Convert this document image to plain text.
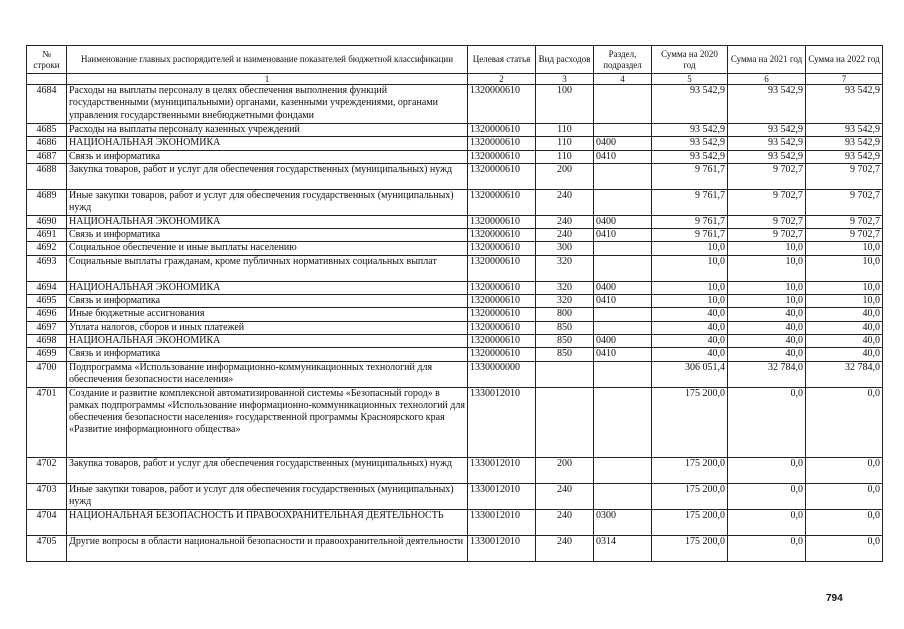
№
строки	Наименование главных распорядителей и наименование показателей бюджетной классификации	Целевая статья	Вид расходов	Раздел, подраздел	Сумма на 2020 год	Сумма на 2021 год	Сумма на 2022 год
	1	2	3	4	5	6	7
4684	Расходы на выплаты персоналу в целях обеспечения выполнения функций государственными (муниципальными) органами, казенными учреждениями, органами управления государственными внебюджетными фондами	1320000610	100		93 542,9	93 542,9	93 542,9
4685	Расходы на выплаты персоналу казенных учреждений	1320000610	110		93 542,9	93 542,9	93 542,9
4686	НАЦИОНАЛЬНАЯ ЭКОНОМИКА	1320000610	110	0400	93 542,9	93 542,9	93 542,9
4687	Связь и информатика	1320000610	110	0410	93 542,9	93 542,9	93 542,9
4688	Закупка товаров, работ и услуг для обеспечения государственных (муниципальных) нужд	1320000610	200		9 761,7	9 702,7	9 702,7
4689	Иные закупки товаров, работ и услуг для обеспечения государственных (муниципальных) нужд	1320000610	240		9 761,7	9 702,7	9 702,7
4690	НАЦИОНАЛЬНАЯ ЭКОНОМИКА	1320000610	240	0400	9 761,7	9 702,7	9 702,7
4691	Связь и информатика	1320000610	240	0410	9 761,7	9 702,7	9 702,7
4692	Социальное обеспечение и иные выплаты населению	1320000610	300		10,0	10,0	10,0
4693	Социальные выплаты гражданам, кроме публичных нормативных социальных выплат	1320000610	320		10,0	10,0	10,0
4694	НАЦИОНАЛЬНАЯ ЭКОНОМИКА	1320000610	320	0400	10,0	10,0	10,0
4695	Связь и информатика	1320000610	320	0410	10,0	10,0	10,0
4696	Иные бюджетные ассигнования	1320000610	800		40,0	40,0	40,0
4697	Уплата налогов, сборов и иных платежей	1320000610	850		40,0	40,0	40,0
4698	НАЦИОНАЛЬНАЯ ЭКОНОМИКА	1320000610	850	0400	40,0	40,0	40,0
4699	Связь и информатика	1320000610	850	0410	40,0	40,0	40,0
4700	Подпрограмма «Использование информационно-коммуникационных технологий для обеспечения безопасности населения»	1330000000			306 051,4	32 784,0	32 784,0
4701	Создание и развитие комплексной автоматизированной системы «Безопасный город» в рамках подпрограммы «Использование информационно-коммуникационных технологий для обеспечения безопасности населения» государственной программы Красноярского края «Развитие информационного общества»	1330012010			175 200,0	0,0	0,0
4702	Закупка товаров, работ и услуг для обеспечения государственных (муниципальных) нужд	1330012010	200		175 200,0	0,0	0,0
4703	Иные закупки товаров, работ и услуг для обеспечения государственных (муниципальных) нужд	1330012010	240		175 200,0	0,0	0,0
4704	НАЦИОНАЛЬНАЯ БЕЗОПАСНОСТЬ И ПРАВООХРАНИТЕЛЬНАЯ ДЕЯТЕЛЬНОСТЬ	1330012010	240	0300	175 200,0	0,0	0,0
4705	Другие вопросы в области национальной безопасности и правоохранительной деятельности	1330012010	240	0314	175 200,0	0,0	0,0
794
